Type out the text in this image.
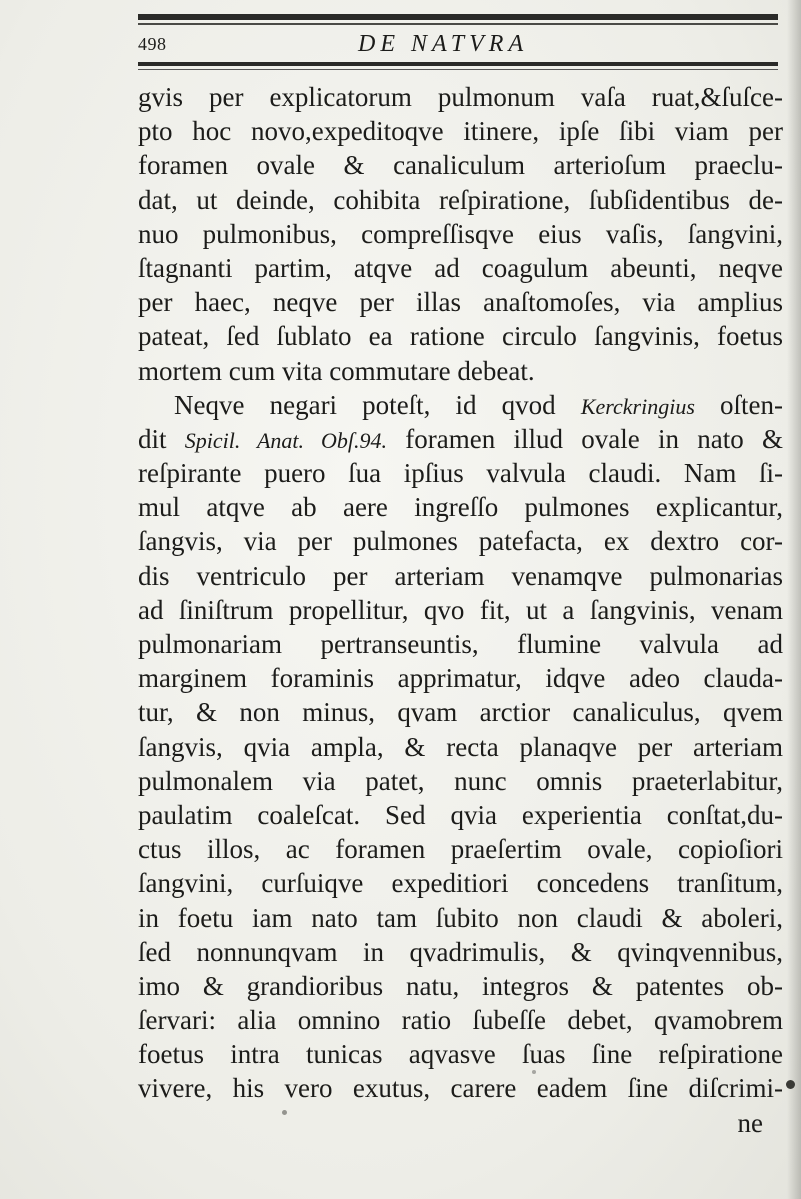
498	DE NATVRA
gvis per explicatorum pulmonum vaſa ruat,&ſuſce-
pto hoc novo,expeditoqve itinere, ipſe ſibi viam per
foramen ovale & canaliculum arterioſum praeclu-
dat, ut deinde, cohibita reſpiratione, ſubſidentibus de-
nuo pulmonibus, compreſſisqve eius vaſis, ſangvini,
ſtagnanti partim, atqve ad coagulum abeunti, neqve
per haec, neqve per illas anaſtomoſes, via amplius
pateat, ſed ſublato ea ratione circulo ſangvinis, foetus
mortem cum vita commutare debeat.
Neqve negari poteſt, id qvod Kerckringius oſten-
dit Spicil. Anat. Obſ.94. foramen illud ovale in nato &
reſpirante puero ſua ipſius valvula claudi. Nam ſi-
mul atqve ab aere ingreſſo pulmones explicantur,
ſangvis, via per pulmones patefacta, ex dextro cor-
dis ventriculo per arteriam venamqve pulmonarias
ad ſiniſtrum propellitur, qvo fit, ut a ſangvinis, venam
pulmonariam pertranseuntis, flumine valvula ad
marginem foraminis apprimatur, idqve adeo clauda-
tur, & non minus, qvam arctior canaliculus, qvem
ſangvis, qvia ampla, & recta planaqve per arteriam
pulmonalem via patet, nunc omnis praeterlabitur,
paulatim coaleſcat. Sed qvia experientia conſtat,du-
ctus illos, ac foramen praeſertim ovale, copioſiori
ſangvini, curſuiqve expeditiori concedens tranſitum,
in foetu iam nato tam ſubito non claudi & aboleri,
ſed nonnunqvam in qvadrimulis, & qvinqvennibus,
imo & grandioribus natu, integros & patentes ob-
ſervari: alia omnino ratio ſubeſſe debet, qvamobrem
foetus intra tunicas aqvasve ſuas ſine reſpiratione
vivere, his vero exutus, carere eadem ſine diſcrimi-
ne
